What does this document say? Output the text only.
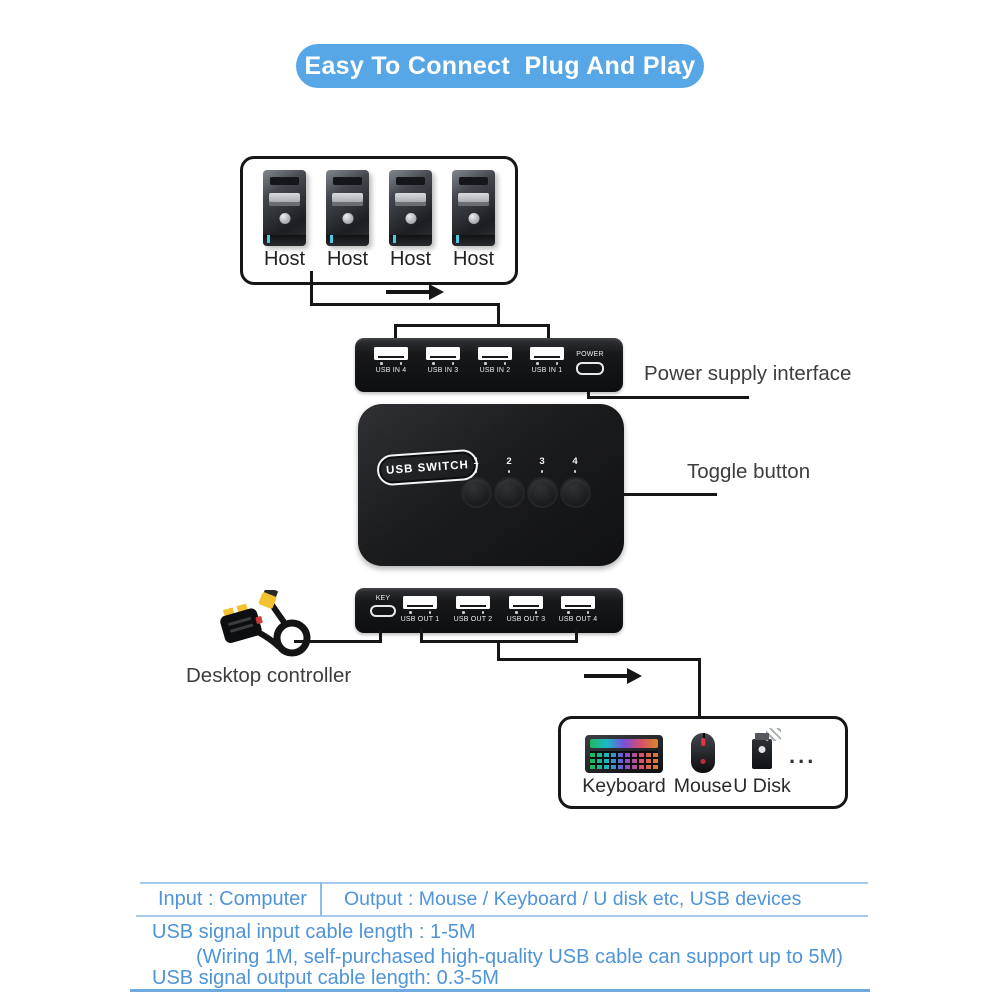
Easy To Connect  Plug And Play
Host Host Host Host
USB IN 4	USB IN 3	USB IN 2	USB IN 1
POWER
Power supply interface
USB SWITCH 1	2	3	4	Toggle button
KEY
USB OUT 1 USB OUT 2 USB OUT 3 USB OUT 4
Desktop controller
Keyboard Mouse U Disk
...
Input : Computer Output : Mouse / Keyboard / U disk etc, USB devices
USB signal input cable length : 1-5M
(Wiring 1M, self-purchased high-quality USB cable can support up to 5M)
USB signal output cable length: 0.3-5M
